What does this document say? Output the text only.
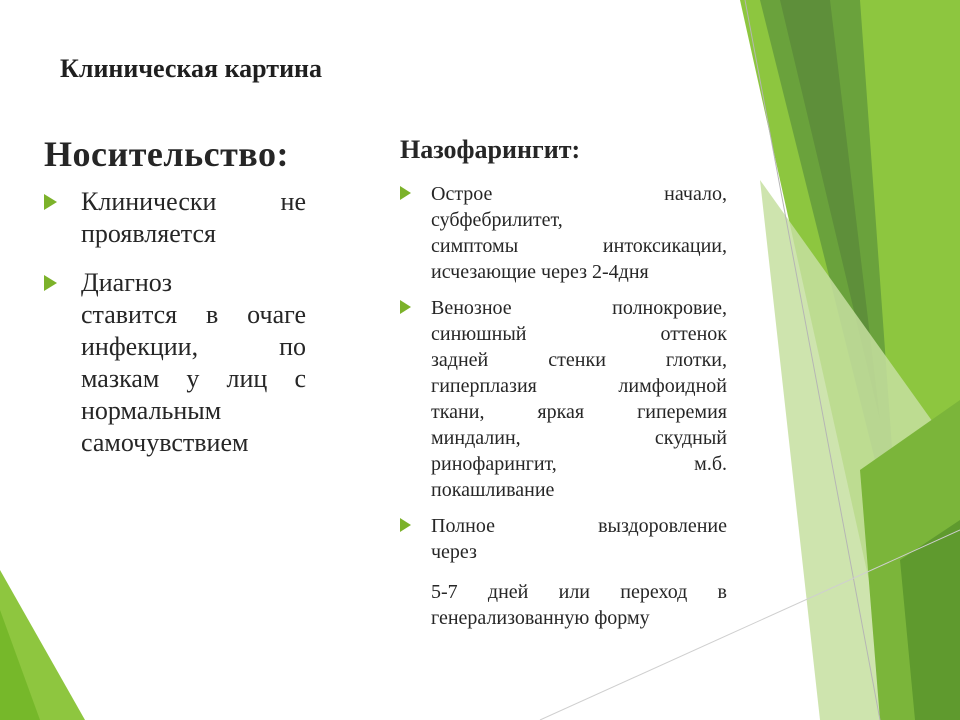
Клиническая картина
Носительство:
Клинически не
проявляется
Диагноз
ставится в очаге
инфекции, по
мазкам у лиц с
нормальным
самочувствием
Назофарингит:
Острое начало,
субфебрилитет,
симптомы интоксикации,
исчезающие через 2-4дня
Венозное полнокровие,
синюшный оттенок
задней стенки глотки,
гиперплазия лимфоидной
ткани, яркая гиперемия
миндалин, скудный
ринофарингит, м.б.
покашливание
Полное выздоровление
через
5-7 дней или переход в
генерализованную форму
